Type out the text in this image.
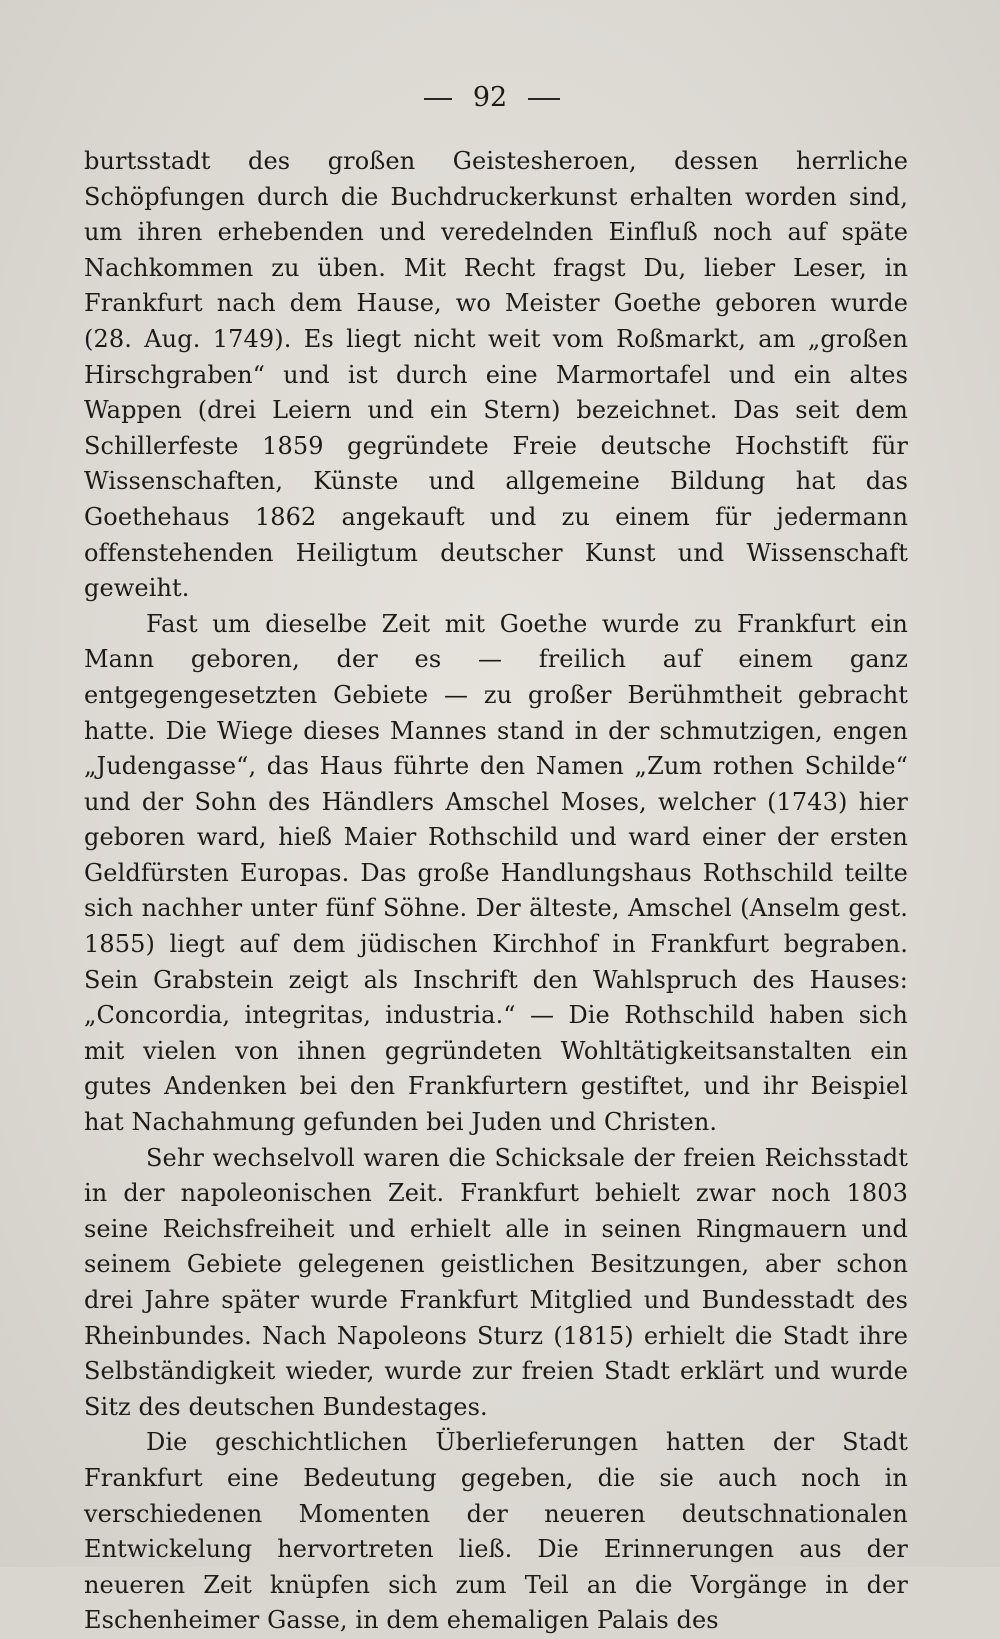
92

burtsstadt des großen Geistesheroen, dessen herrliche Schöpfungen durch die Buchdruckerkunst erhalten worden sind, um ihren erhebenden und veredelnden Einfluß noch auf späte Nachkommen zu üben. Mit Recht fragst Du, lieber Leser, in Frankfurt nach dem Hause, wo Meister Goethe geboren wurde (28. Aug. 1749). Es liegt nicht weit vom Roßmarkt, am „großen Hirschgraben“ und ist durch eine Marmortafel und ein altes Wappen (drei Leiern und ein Stern) bezeichnet. Das seit dem Schillerfeste 1859 gegründete Freie deutsche Hochstift für Wissenschaften, Künste und allgemeine Bildung hat das Goethehaus 1862 angekauft und zu einem für jedermann offenstehenden Heiligtum deutscher Kunst und Wissenschaft geweiht.

Fast um dieselbe Zeit mit Goethe wurde zu Frankfurt ein Mann geboren, der es — freilich auf einem ganz entgegengesetzten Gebiete — zu großer Berühmtheit gebracht hatte. Die Wiege dieses Mannes stand in der schmutzigen, engen „Judengasse“, das Haus führte den Namen „Zum rothen Schilde“ und der Sohn des Händlers Amschel Moses, welcher (1743) hier geboren ward, hieß Maier Rothschild und ward einer der ersten Geldfürsten Europas. Das große Handlungshaus Rothschild teilte sich nachher unter fünf Söhne. Der älteste, Amschel (Anselm gest. 1855) liegt auf dem jüdischen Kirchhof in Frankfurt begraben. Sein Grabstein zeigt als Inschrift den Wahlspruch des Hauses: „Concordia, integritas, industria.“ — Die Rothschild haben sich mit vielen von ihnen gegründeten Wohltätigkeitsanstalten ein gutes Andenken bei den Frankfurtern gestiftet, und ihr Beispiel hat Nachahmung gefunden bei Juden und Christen.

Sehr wechselvoll waren die Schicksale der freien Reichsstadt in der napoleonischen Zeit. Frankfurt behielt zwar noch 1803 seine Reichsfreiheit und erhielt alle in seinen Ringmauern und seinem Gebiete gelegenen geistlichen Besitzungen, aber schon drei Jahre später wurde Frankfurt Mitglied und Bundesstadt des Rheinbundes. Nach Napoleons Sturz (1815) erhielt die Stadt ihre Selbständigkeit wieder, wurde zur freien Stadt erklärt und wurde Sitz des deutschen Bundestages.

Die geschichtlichen Überlieferungen hatten der Stadt Frankfurt eine Bedeutung gegeben, die sie auch noch in verschiedenen Momenten der neueren deutschnationalen Entwickelung hervortreten ließ. Die Erinnerungen aus der neueren Zeit knüpfen sich zum Teil an die Vorgänge in der Eschenheimer Gasse, in dem ehemaligen Palais des
